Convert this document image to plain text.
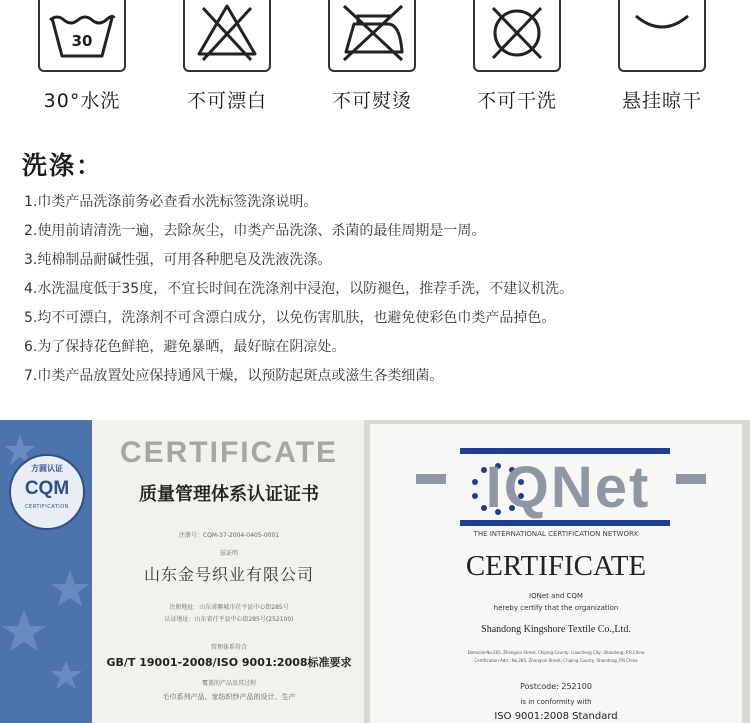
30
30°水洗	不可漂白	不可熨烫	不可干洗	悬挂晾干
洗涤：
1.巾类产品洗涤前务必查看水洗标签洗涤说明。
2.使用前请清洗一遍，去除灰尘，巾类产品洗涤、杀菌的最佳周期是一周。
3.纯棉制品耐碱性强，可用各种肥皂及洗液洗涤。
4.水洗温度低于35度，不宜长时间在洗涤剂中浸泡，以防褪色，推荐手洗，不建议机洗。
5.均不可漂白，洗涤剂不可含漂白成分，以免伤害肌肤，也避免使彩色巾类产品掉色。
6.为了保持花色鲜艳，避免暴晒，最好晾在阴凉处。
7.巾类产品放置处应保持通风干燥，以预防起斑点或滋生各类细菌。
方圆认证
CQM
CERTIFICATION
CERTIFICATE
质量管理体系认证证书
注册号：CQM-37-2004-0405-0001
兹证明
山东金号织业有限公司
注册地址：山东省聊城市茌平县中心街285号
认证地址：山东省茌平县中心街285号(252100)
管理体系符合
GB/T 19001-2008/ISO 9001:2008标准要求
覆盖的产品及其过程
毛巾系列产品、家纺织纱产品的设计、生产
IQNet
THE INTERNATIONAL CERTIFICATION NETWORK
CERTIFICATE
IQNet and CQM
hereby certify that the organization
Shandong Kingshore Textile Co.,Ltd.
Domicile:No.285, Zhongxin Street, Chiping County, Liaocheng City, Shandong, P.R.China
Certification Add.: No.285, Zhongxin Street, Chiping County, Shandong, P.R.China
Postcode: 252100
is in conformity with
ISO 9001:2008 Standard
